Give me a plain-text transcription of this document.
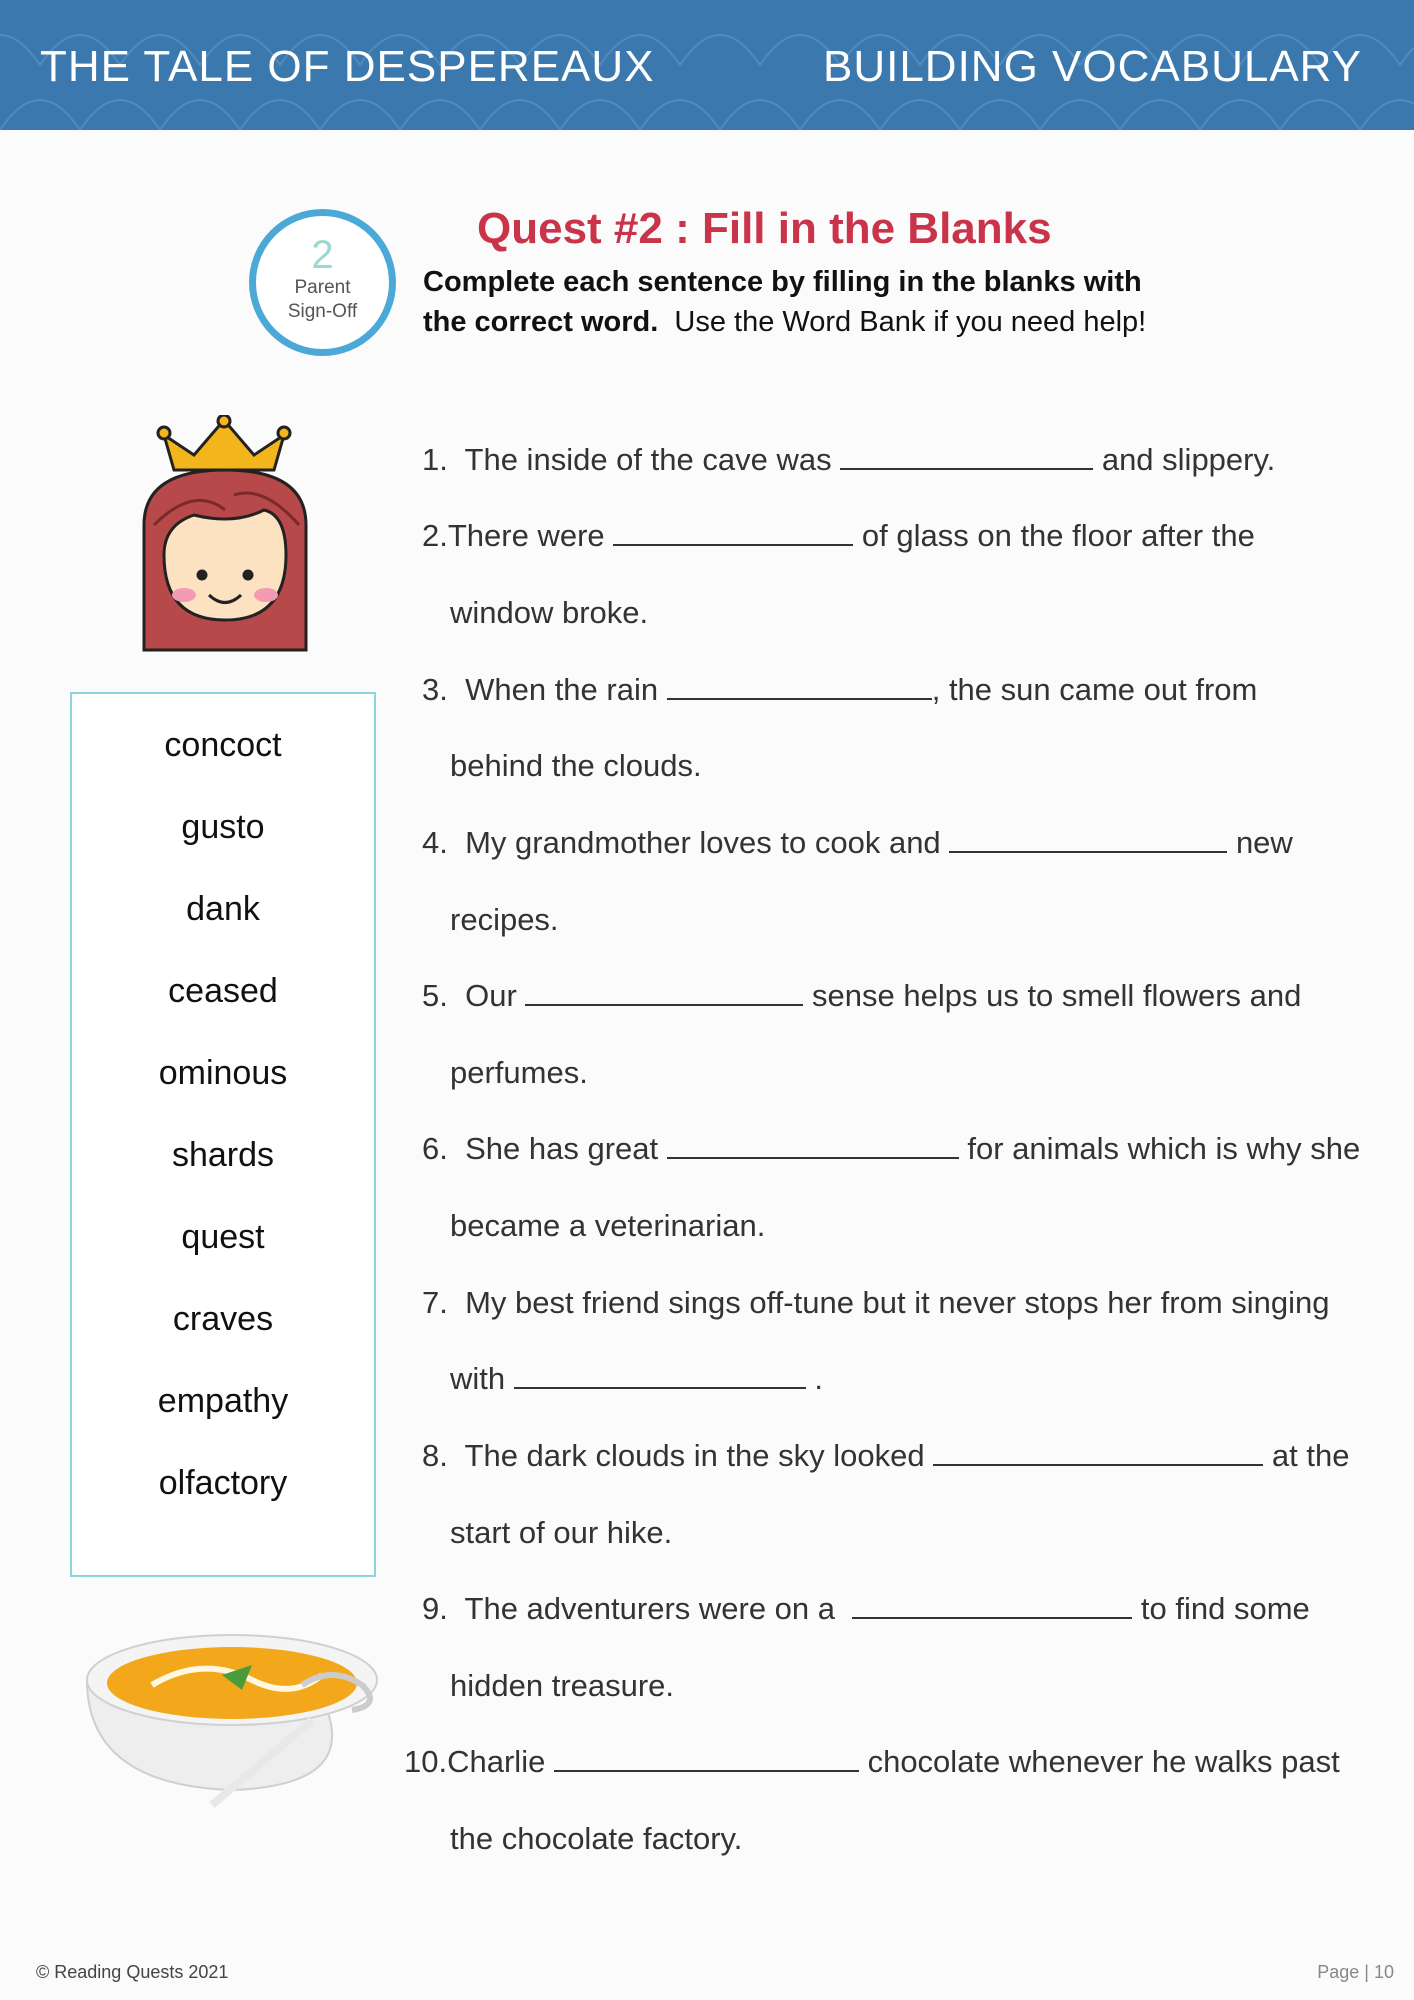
THE TALE OF DESPEREAUX	BUILDING VOCABULARY
2
Parent
Sign-Off
Quest #2 : Fill in the Blanks
Complete each sentence by filling in the blanks with
the correct word. Use the Word Bank if you need help!
concoct
gusto
dank
ceased
ominous
shards
quest
craves
empathy
olfactory
1. The inside of the cave was	and slippery.
2.There were	of glass on the floor after the
window broke.
3. When the rain	, the sun came out from
behind the clouds.
4. My grandmother loves to cook and	new
recipes.
5. Our	sense helps us to smell flowers and
perfumes.
6. She has great	for animals which is why she
became a veterinarian.
7. My best friend sings off-tune but it never stops her from singing
with	.
8. The dark clouds in the sky looked	at the
start of our hike.
9. The adventurers were on a	to find some
hidden treasure.
10.Charlie	chocolate whenever he walks past
the chocolate factory.
© Reading Quests 2021	Page | 10
